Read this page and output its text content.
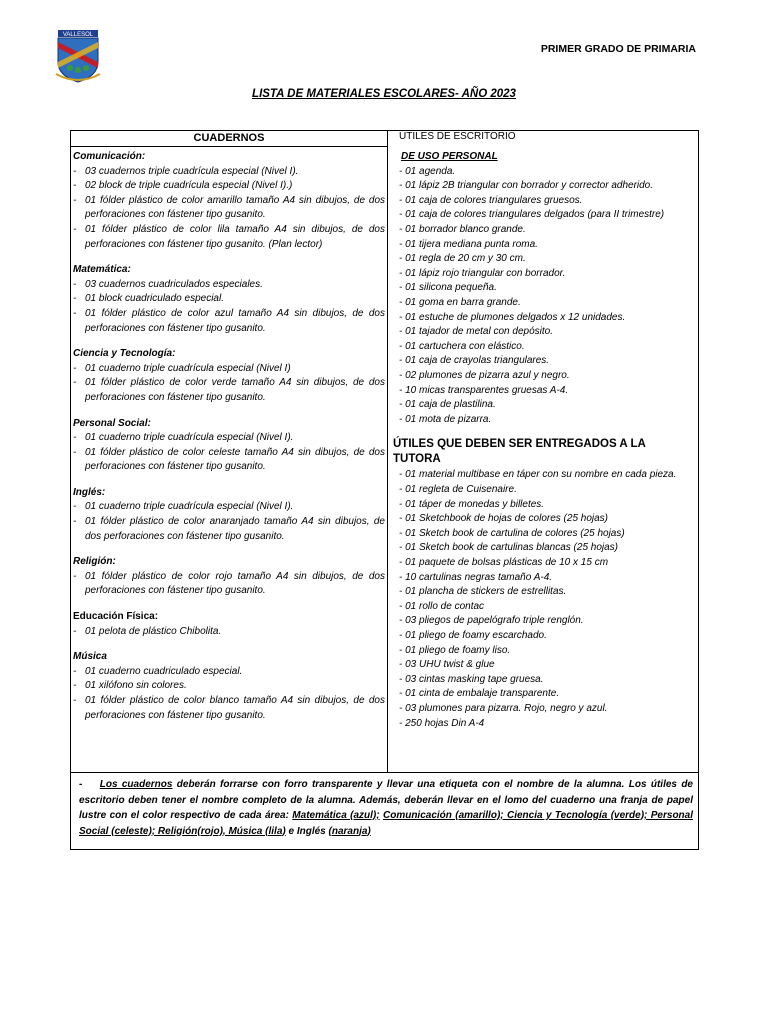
VALLESOL
PRIMER GRADO DE PRIMARIA
LISTA DE MATERIALES ESCOLARES- AÑO 2023
CUADERNOS	ÚTILES DE ESCRITORIO
Comunicación:
- 03 cuadernos triple cuadrícula especial (Nivel I).
- 02 block de triple cuadrícula especial (Nivel I).)
- 01 fólder plástico de color amarillo tamaño A4 sin dibujos, de dos perforaciones con fástener tipo gusanito.
- 01 fólder plástico de color lila tamaño A4 sin dibujos, de dos perforaciones con fástener tipo gusanito. (Plan lector)
Matemática:
- 03 cuadernos cuadriculados especiales.
- 01 block cuadriculado especial.
- 01 fólder plástico de color azul tamaño A4 sin dibujos, de dos perforaciones con fástener tipo gusanito.
Ciencia y Tecnología:
- 01 cuaderno triple cuadrícula especial (Nivel I)
- 01 fólder plástico de color verde tamaño A4 sin dibujos, de dos perforaciones con fástener tipo gusanito.
Personal Social:
- 01 cuaderno triple cuadrícula especial (Nivel I).
- 01 fólder plástico de color celeste tamaño A4 sin dibujos, de dos perforaciones con fástener tipo gusanito.
Inglés:
- 01 cuaderno triple cuadrícula especial (Nivel I).
- 01 fólder plástico de color anaranjado tamaño A4 sin dibujos, de dos perforaciones con fástener tipo gusanito.
Religión:
- 01 fólder plástico de color rojo tamaño A4 sin dibujos, de dos perforaciones con fástener tipo gusanito.
Educación Física:
- 01 pelota de plástico Chibolita.
Música
- 01 cuaderno cuadriculado especial.
- 01 xilófono sin colores.
- 01 fólder plástico de color blanco tamaño A4 sin dibujos, de dos perforaciones con fástener tipo gusanito.
DE USO PERSONAL
- 01 agenda.
- 01 lápiz 2B triangular con borrador y corrector adherido.
- 01 caja de colores triangulares gruesos.
- 01 caja de colores triangulares delgados (para II trimestre)
- 01 borrador blanco grande.
- 01 tijera mediana punta roma.
- 01 regla de 20 cm y 30 cm.
- 01 lápiz rojo triangular con borrador.
- 01 silicona pequeña.
- 01 goma en barra grande.
- 01 estuche de plumones delgados x 12 unidades.
- 01 tajador de metal con depósito.
- 01 cartuchera con elástico.
- 01 caja de crayolas triangulares.
- 02 plumones de pizarra azul y negro.
- 10 micas transparentes gruesas A-4.
- 01 caja de plastilina.
- 01 mota de pizarra.
ÚTILES QUE DEBEN SER ENTREGADOS A LA TUTORA
- 01 material multibase en táper con su nombre en cada pieza.
- 01 regleta de Cuisenaire.
- 01 táper de monedas y billetes.
- 01 Sketchbook de hojas de colores (25 hojas)
- 01 Sketch book de cartulina de colores (25 hojas)
- 01 Sketch book de cartulinas blancas (25 hojas)
- 01 paquete de bolsas plásticas de 10 x 15 cm
- 10 cartulinas negras tamaño A-4.
- 01 plancha de stickers de estrellitas.
- 01 rollo de contac
- 03 pliegos de papelógrafo triple renglón.
- 01 pliego de foamy escarchado.
- 01 pliego de foamy liso.
- 03 UHU twist & glue
- 03 cintas masking tape gruesa.
- 01 cinta de embalaje transparente.
- 03 plumones para pizarra. Rojo, negro y azul.
- 250 hojas Din A-4
- Los cuadernos deberán forrarse con forro transparente y llevar una etiqueta con el nombre de la alumna. Los útiles de escritorio deben tener el nombre completo de la alumna. Además, deberán llevar en el lomo del cuaderno una franja de papel lustre con el color respectivo de cada área: Matemática (azul); Comunicación (amarillo); Ciencia y Tecnología (verde); Personal Social (celeste); Religión(rojo), Música (lila) e Inglés (naranja)
